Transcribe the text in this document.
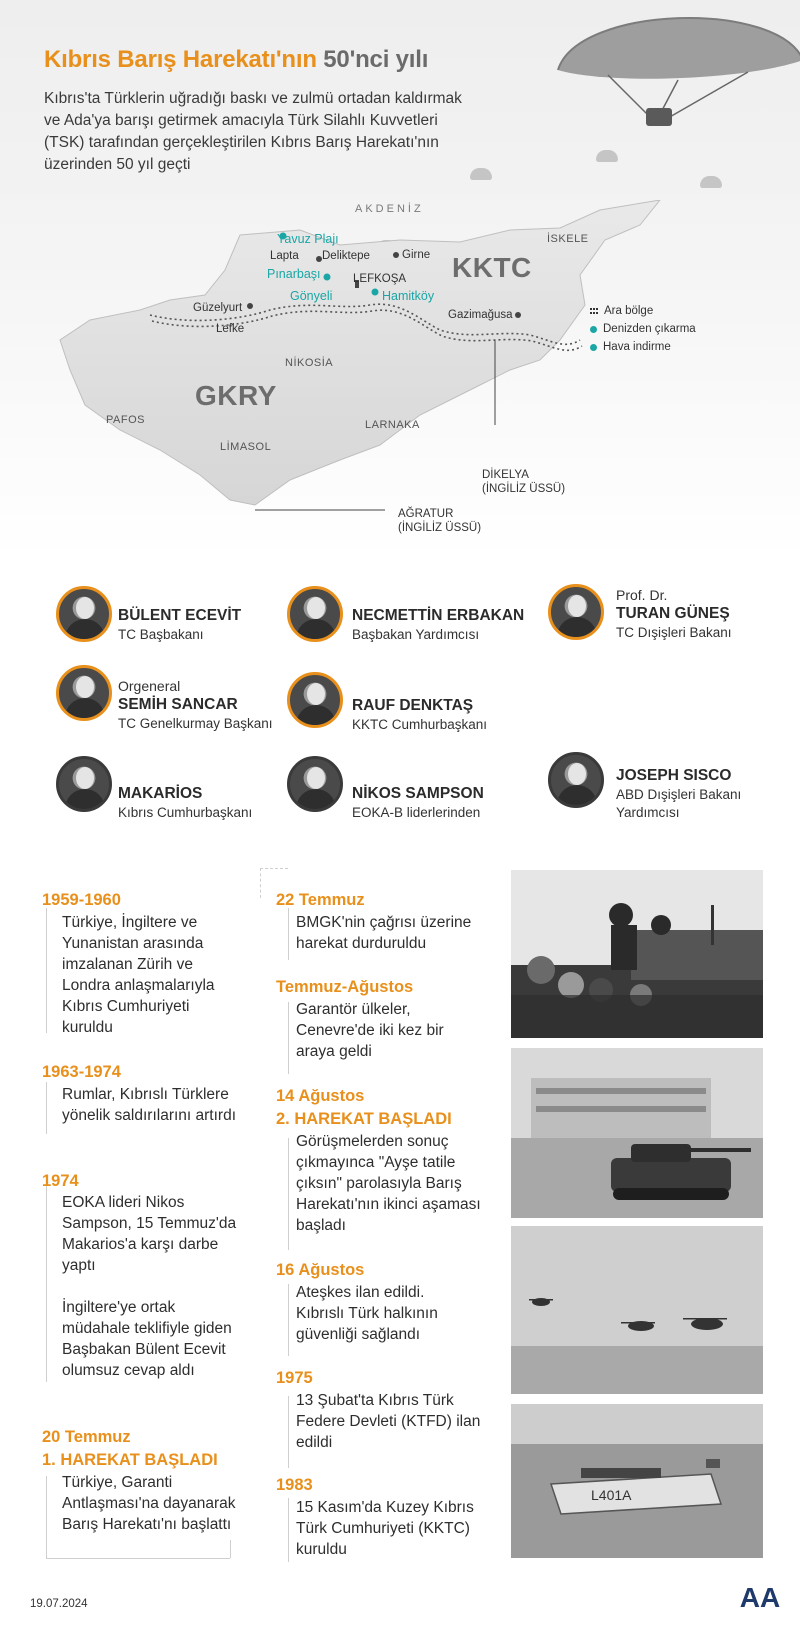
Kıbrıs Barış Harekatı'nın 50'nci yılı
Kıbrıs'ta Türklerin uğradığı baskı ve zulmü ortadan kaldırmak ve Ada'ya barışı getirmek amacıyla Türk Silahlı Kuvvetleri (TSK) tarafından gerçekleştirilen Kıbrıs Barış Harekatı'nın üzerinden 50 yıl geçti
AKDENİZ
Yavuz Plajı
Lapta Deliktepe	Girne
Pınarbaşı	LEFKOŞA
Gönyeli	Hamitköy
KKTC
İSKELE
Güzelyurt
Lefke
Gazimağusa
NİKOSİA
GKRY
PAFOS	LARNAKA
LİMASOL
DİKELYA
(İNGİLİZ ÜSSÜ)
AĞRATUR
(İNGİLİZ ÜSSÜ)
Ara bölge
Denizden çıkarma
Hava indirme
BÜLENT ECEVİT
TC Başbakanı
NECMETTİN ERBAKAN
Başbakan Yardımcısı
Prof. Dr.
TURAN GÜNEŞ
TC Dışişleri Bakanı
Orgeneral
SEMİH SANCAR
TC Genelkurmay Başkanı
RAUF DENKTAŞ
KKTC Cumhurbaşkanı
MAKARİOS
Kıbrıs Cumhurbaşkanı
NİKOS SAMPSON
EOKA-B liderlerinden
JOSEPH SISCO
ABD Dışişleri Bakanı
Yardımcısı
1959-1960
Türkiye, İngiltere ve Yunanistan arasında imzalanan Zürih ve Londra anlaşmalarıyla Kıbrıs Cumhuriyeti kuruldu
1963-1974
Rumlar, Kıbrıslı Türklere yönelik saldırılarını artırdı
1974
EOKA lideri Nikos Sampson, 15 Temmuz'da Makarios'a karşı darbe yaptı
İngiltere'ye ortak müdahale teklifiyle giden Başbakan Bülent Ecevit olumsuz cevap aldı
20 Temmuz
1. HAREKAT BAŞLADI
Türkiye, Garanti Antlaşması'na dayanarak Barış Harekatı'nı başlattı
22 Temmuz
BMGK'nin çağrısı üzerine harekat durduruldu
Temmuz-Ağustos
Garantör ülkeler, Cenevre'de iki kez bir araya geldi
14 Ağustos
2. HAREKAT BAŞLADI
Görüşmelerden sonuç çıkmayınca "Ayşe tatile çıksın" parolasıyla Barış Harekatı'nın ikinci aşaması başladı
16 Ağustos
Ateşkes ilan edildi. Kıbrıslı Türk halkının güvenliği sağlandı
1975
13 Şubat'ta Kıbrıs Türk Federe Devleti (KTFD) ilan edildi
1983
15 Kasım'da Kuzey Kıbrıs Türk Cumhuriyeti (KKTC) kuruldu
L401A
19.07.2024	AA
